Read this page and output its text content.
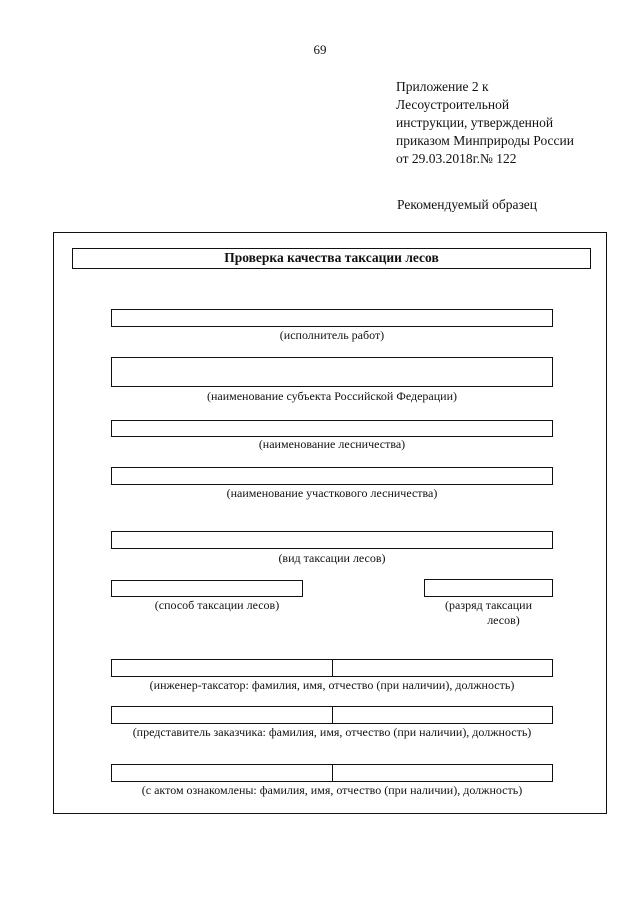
69
Приложение 2 к
Лесоустроительной
инструкции, утвержденной
приказом Минприроды России
от 29.03.2018г.№ 122
Рекомендуемый образец
Проверка качества таксации лесов
(исполнитель работ)
(наименование субъекта Российской Федерации)
(наименование лесничества)
(наименование участкового лесничества)
(вид таксации лесов)
(способ таксации лесов)	(разряд таксации
лесов)
(инженер-таксатор: фамилия, имя, отчество (при наличии), должность)
(представитель заказчика: фамилия, имя, отчество (при наличии), должность)
(с актом ознакомлены: фамилия, имя, отчество (при наличии), должность)
